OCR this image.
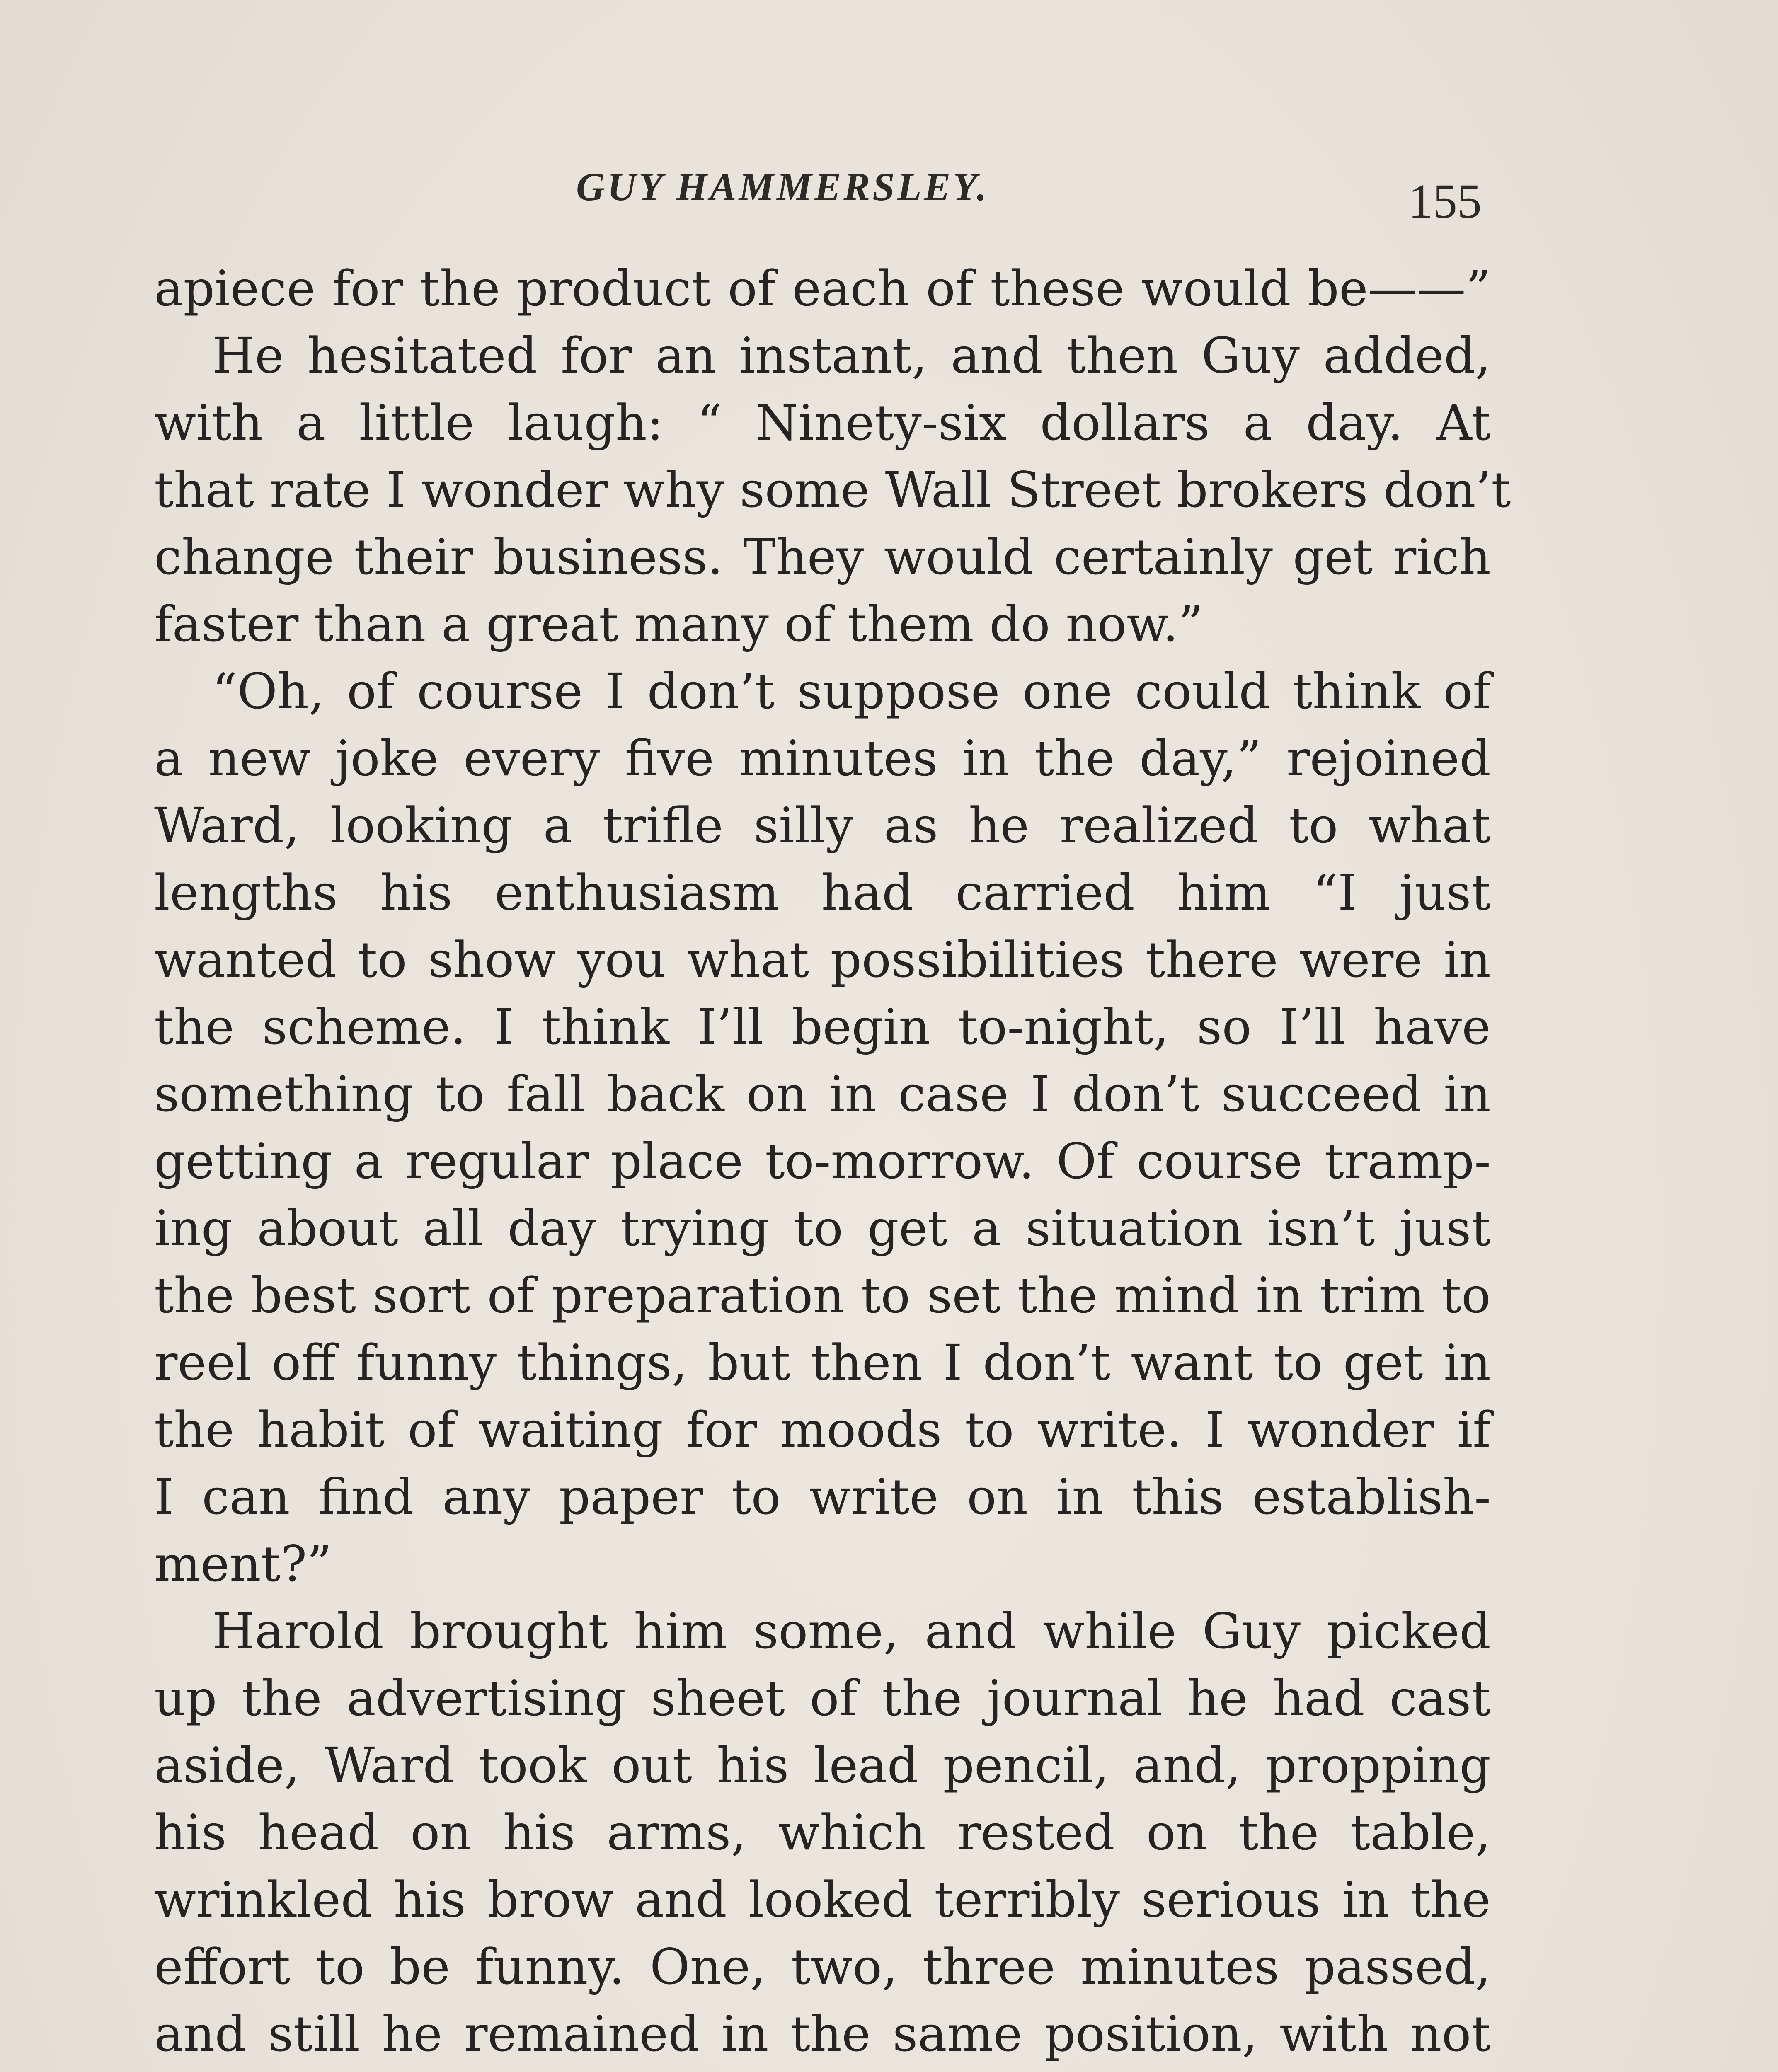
GUY HAMMERSLEY.	155
apiece for the product of each of these would be——”
He hesitated for an instant, and then Guy added,
with a little laugh: “ Ninety-six dollars a day. At
that rate I wonder why some Wall Street brokers don’t
change their business. They would certainly get rich
faster than a great many of them do now.”
“Oh, of course I don’t suppose one could think of
a new joke every five minutes in the day,” rejoined
Ward, looking a trifle silly as he realized to what
lengths his enthusiasm had carried him “I just
wanted to show you what possibilities there were in
the scheme. I think I’ll begin to-night, so I’ll have
something to fall back on in case I don’t succeed in
getting a regular place to-morrow. Of course tramp-
ing about all day trying to get a situation isn’t just
the best sort of preparation to set the mind in trim to
reel off funny things, but then I don’t want to get in
the habit of waiting for moods to write. I wonder if
I can find any paper to write on in this establish-
ment?”
Harold brought him some, and while Guy picked
up the advertising sheet of the journal he had cast
aside, Ward took out his lead pencil, and, propping
his head on his arms, which rested on the table,
wrinkled his brow and looked terribly serious in the
effort to be funny. One, two, three minutes passed,
and still he remained in the same position, with not
